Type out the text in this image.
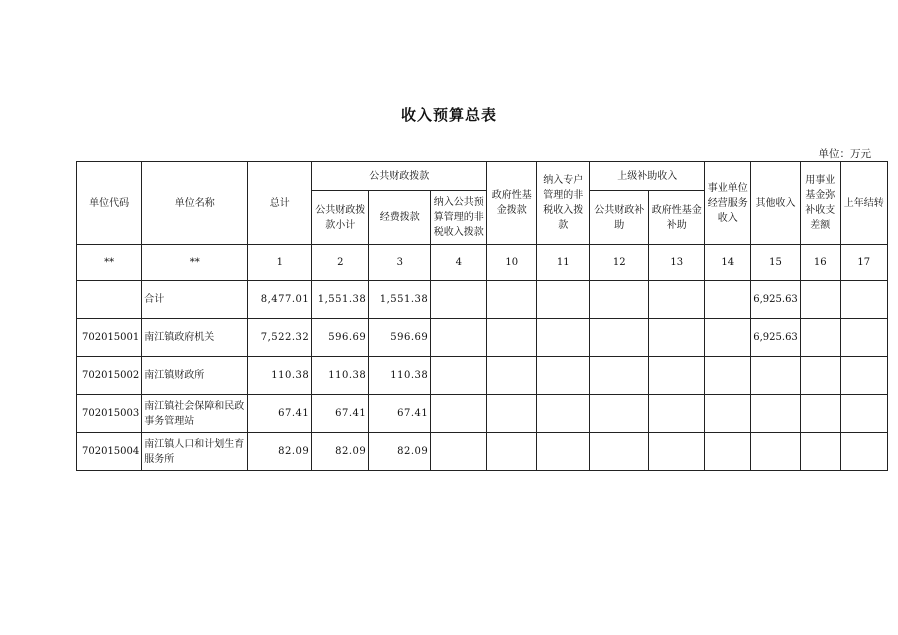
收入预算总表
单位：万元
单位代码	单位名称	总计	公共财政拨款			政府性基金拨款	纳入专户管理的非税收入拨款	上级补助收入		事业单位经营服务收入	其他收入	用事业基金弥补收支差额	上年结转
			公共财政拨款小计	经费拨款	纳入公共预算管理的非税收入拨款								
								公共财政补助	政府性基金补助				
**	**	1	2	3	4	10	11	12	13	14	15	16	17
	合计	8,477.01	1,551.38	1,551.38							6,925.63		
702015001	南江镇政府机关	7,522.32	596.69	596.69							6,925.63		
702015002	南江镇财政所	110.38	110.38	110.38									
702015003	南江镇社会保障和民政事务管理站	67.41	67.41	67.41									
702015004	南江镇人口和计划生育服务所	82.09	82.09	82.09									
